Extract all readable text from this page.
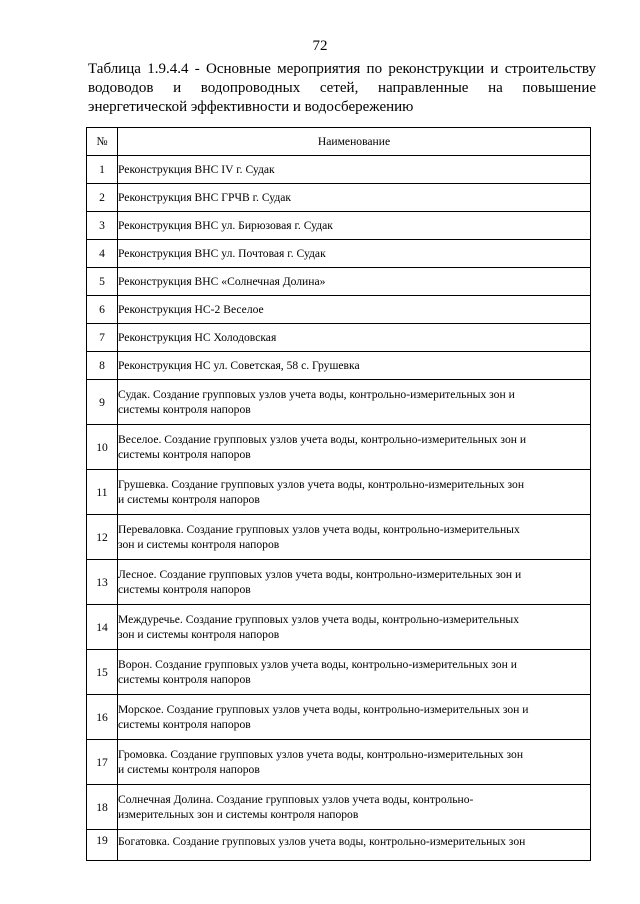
72
Таблица 1.9.4.4 - Основные мероприятия по реконструкции и строительству
водоводов и водопроводных сетей, направленные на повышение
энергетической эффективности и водосбережению
№	Наименование
1	Реконструкция ВНС IV г. Судак
2	Реконструкция ВНС ГРЧВ г. Судак
3	Реконструкция ВНС ул. Бирюзовая г. Судак
4	Реконструкция ВНС ул. Почтовая г. Судак
5	Реконструкция ВНС «Солнечная Долина»
6	Реконструкция НС-2 Веселое
7	Реконструкция НС Холодовская
8	Реконструкция НС ул. Советская, 58 с. Грушевка
9	Судак. Создание групповых узлов учета воды, контрольно-измерительных зон и
системы контроля напоров
10	Веселое. Создание групповых узлов учета воды, контрольно-измерительных зон и
системы контроля напоров
11	Грушевка. Создание групповых узлов учета воды, контрольно-измерительных зон
и системы контроля напоров
12	Переваловка. Создание групповых узлов учета воды, контрольно-измерительных
зон и системы контроля напоров
13	Лесное. Создание групповых узлов учета воды, контрольно-измерительных зон и
системы контроля напоров
14	Междуречье. Создание групповых узлов учета воды, контрольно-измерительных
зон и системы контроля напоров
15	Ворон. Создание групповых узлов учета воды, контрольно-измерительных зон и
системы контроля напоров
16	Морское. Создание групповых узлов учета воды, контрольно-измерительных зон и
системы контроля напоров
17	Громовка. Создание групповых узлов учета воды, контрольно-измерительных зон
и системы контроля напоров
18	Солнечная Долина. Создание групповых узлов учета воды, контрольно-
измерительных зон и системы контроля напоров
19	Богатовка. Создание групповых узлов учета воды, контрольно-измерительных зон
